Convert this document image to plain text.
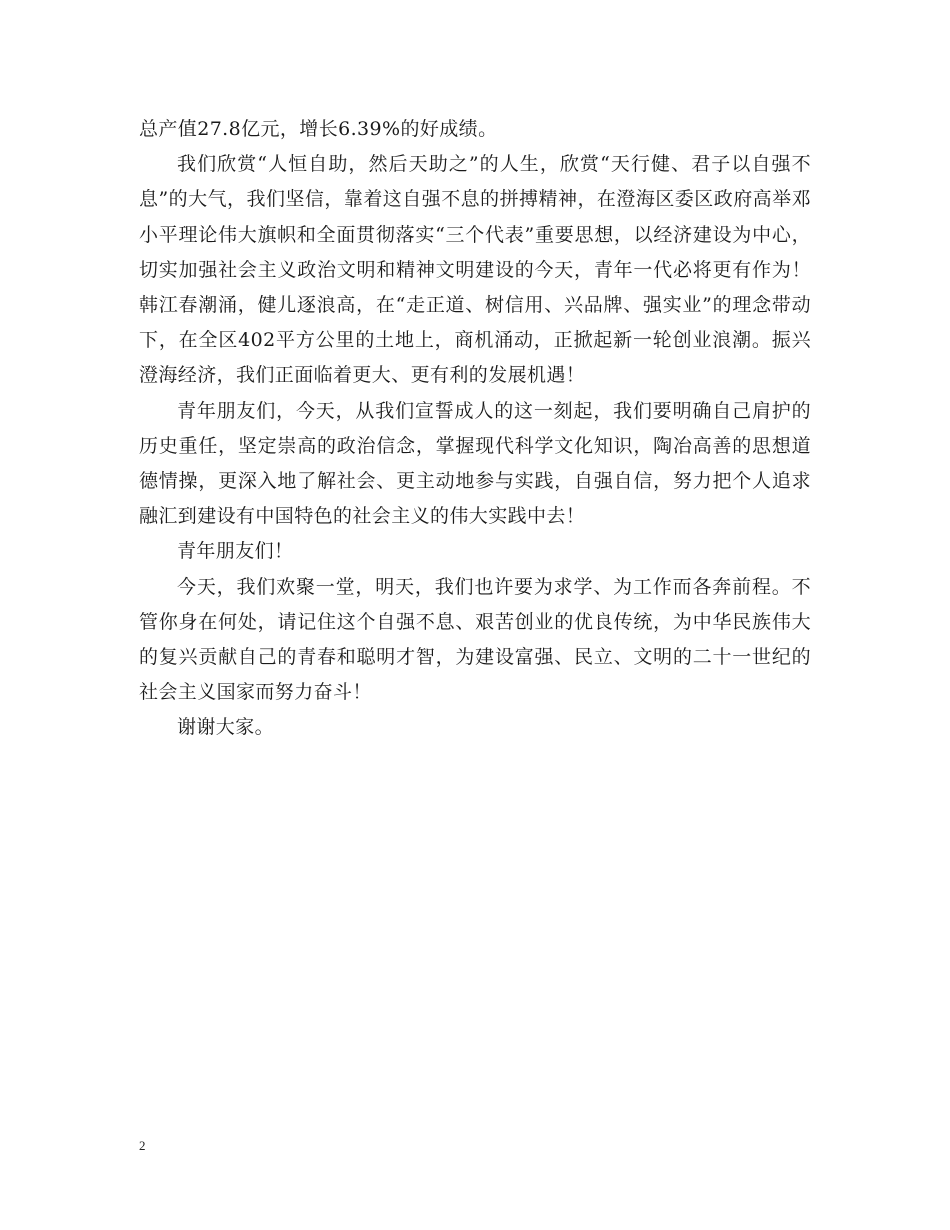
总产值27.8亿元，增长6.39%的好成绩。

我们欣赏“人恒自助，然后天助之”的人生，欣赏“天行健、君子以自强不息”的大气，我们坚信，靠着这自强不息的拼搏精神，在澄海区委区政府高举邓小平理论伟大旗帜和全面贯彻落实“三个代表”重要思想，以经济建设为中心，切实加强社会主义政治文明和精神文明建设的今天，青年一代必将更有作为！韩江春潮涌，健儿逐浪高，在“走正道、树信用、兴品牌、强实业”的理念带动下，在全区402平方公里的土地上，商机涌动，正掀起新一轮创业浪潮。振兴澄海经济，我们正面临着更大、更有利的发展机遇！

青年朋友们，今天，从我们宣誓成人的这一刻起，我们要明确自己肩护的历史重任，坚定崇高的政治信念，掌握现代科学文化知识，陶冶高善的思想道德情操，更深入地了解社会、更主动地参与实践，自强自信，努力把个人追求融汇到建设有中国特色的社会主义的伟大实践中去！

青年朋友们！

今天，我们欢聚一堂，明天，我们也许要为求学、为工作而各奔前程。不管你身在何处，请记住这个自强不息、艰苦创业的优良传统，为中华民族伟大的复兴贡献自己的青春和聪明才智，为建设富强、民立、文明的二十一世纪的社会主义国家而努力奋斗！

谢谢大家。

2
